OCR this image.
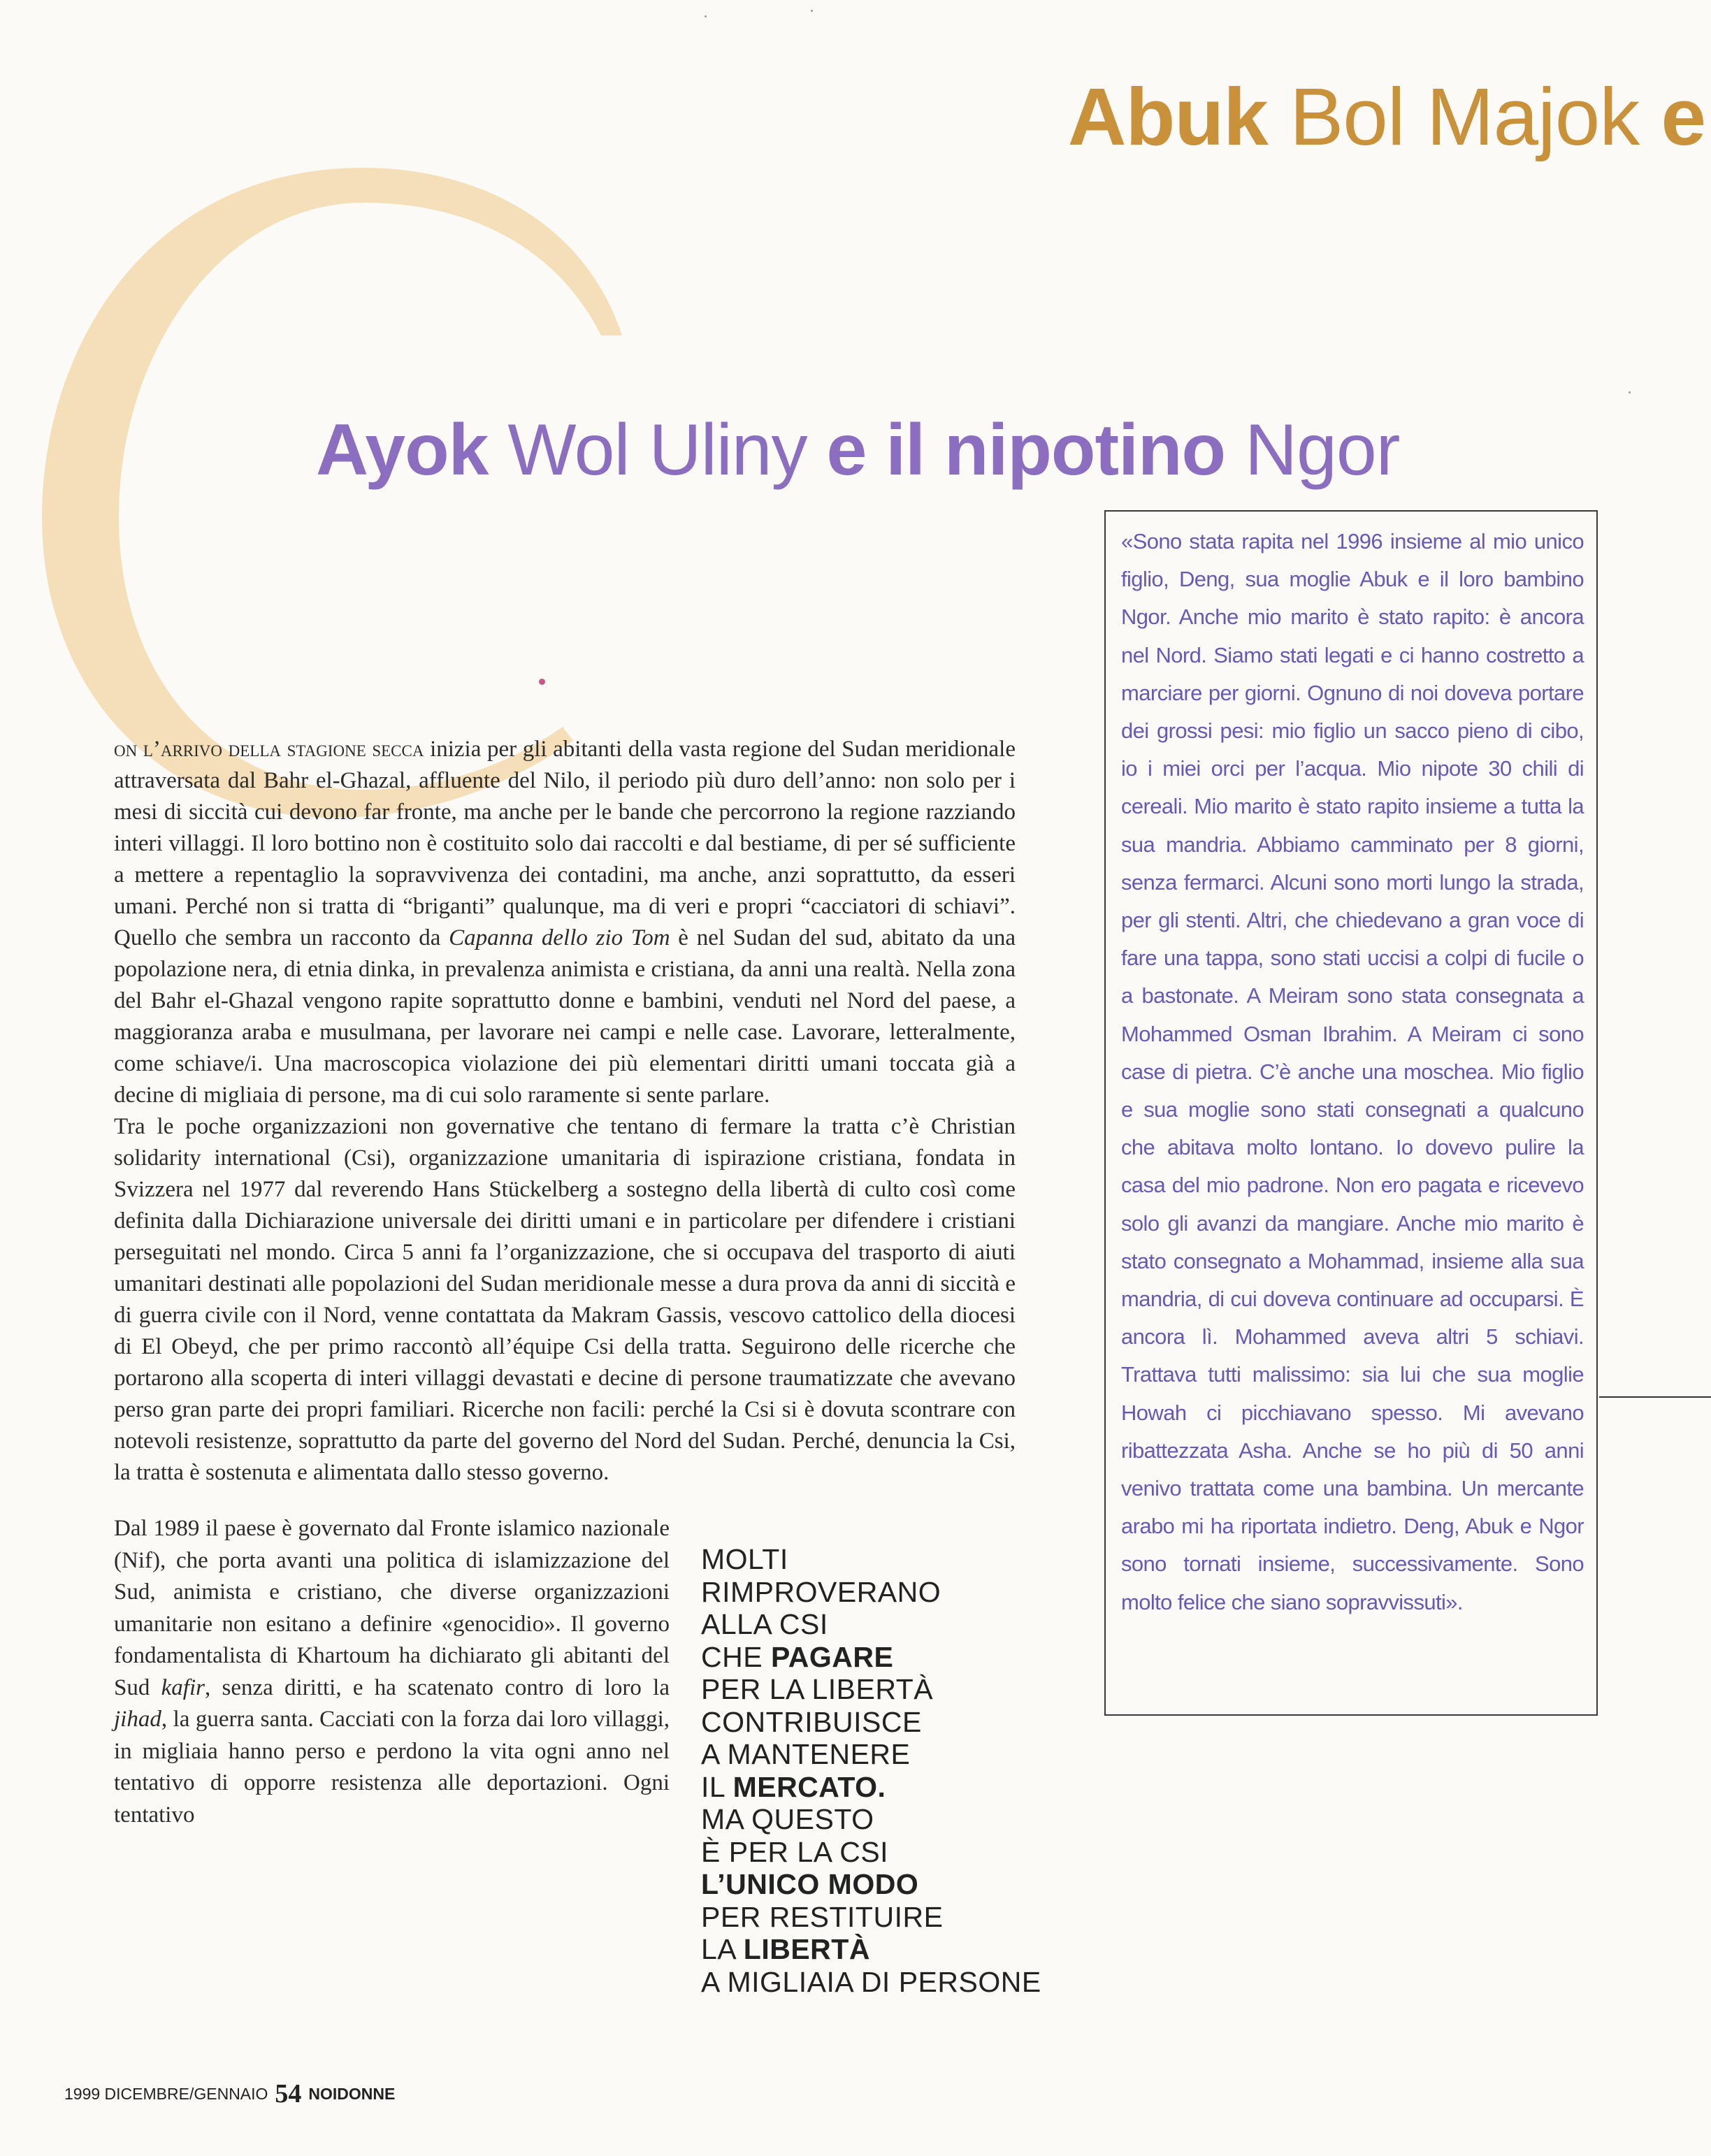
Abuk Bol Majok e
Ayok Wol Uliny e il nipotino Ngor

on l’arrivo della stagione secca inizia per gli abitanti della vasta regione del Sudan meridionale attraversata dal Bahr el-Ghazal, affluente del Nilo, il periodo più duro dell’anno: non solo per i mesi di siccità cui devono far fronte, ma anche per le bande che percorrono la regione razziando interi villaggi. Il loro bottino non è costituito solo dai raccolti e dal bestiame, di per sé sufficiente a mettere a repentaglio la sopravvivenza dei contadini, ma anche, anzi soprattutto, da esseri umani. Perché non si tratta di “briganti” qualunque, ma di veri e propri “cacciatori di schiavi”. Quello che sembra un racconto da Capanna dello zio Tom è nel Sudan del sud, abitato da una popolazione nera, di etnia dinka, in prevalenza animista e cristiana, da anni una realtà. Nella zona del Bahr el-Ghazal vengono rapite soprattutto donne e bambini, venduti nel Nord del paese, a maggioranza araba e musulmana, per lavorare nei campi e nelle case. Lavorare, letteralmente, come schiave/i. Una macroscopica violazione dei più elementari diritti umani toccata già a decine di migliaia di persone, ma di cui solo raramente si sente parlare.

Tra le poche organizzazioni non governative che tentano di fermare la tratta c’è Christian solidarity international (Csi), organizzazione umanitaria di ispirazione cristiana, fondata in Svizzera nel 1977 dal reverendo Hans Stückelberg a sostegno della libertà di culto così come definita dalla Dichiarazione universale dei diritti umani e in particolare per difendere i cristiani perseguitati nel mondo. Circa 5 anni fa l’organizzazione, che si occupava del trasporto di aiuti umanitari destinati alle popolazioni del Sudan meridionale messe a dura prova da anni di siccità e di guerra civile con il Nord, venne contattata da Makram Gassis, vescovo cattolico della diocesi di El Obeyd, che per primo raccontò all’équipe Csi della tratta. Seguirono delle ricerche che portarono alla scoperta di interi villaggi devastati e decine di persone traumatizzate che avevano perso gran parte dei propri familiari. Ricerche non facili: perché la Csi si è dovuta scontrare con notevoli resistenze, soprattutto da parte del governo del Nord del Sudan. Perché, denuncia la Csi, la tratta è sostenuta e alimentata dallo stesso governo.

Dal 1989 il paese è governato dal Fronte islamico nazionale (Nif), che porta avanti una politica di islamizzazione del Sud, animista e cristiano, che diverse organizzazioni umanitarie non esitano a definire «genocidio». Il governo fondamentalista di Khartoum ha dichiarato gli abitanti del Sud kafir, senza diritti, e ha scatenato contro di loro la jihad, la guerra santa. Cacciati con la forza dai loro villaggi, in migliaia hanno perso e perdono la vita ogni anno nel tentativo di opporre resistenza alle deportazioni. Ogni tentativo

MOLTI
RIMPROVERANO
ALLA CSI
CHE PAGARE
PER LA LIBERTÀ
CONTRIBUISCE
A MANTENERE
IL MERCATO.
MA QUESTO
È PER LA CSI
L’UNICO MODO
PER RESTITUIRE
LA LIBERTÀ
A MIGLIAIA DI PERSONE
«Sono stata rapita nel 1996 insieme al mio unico figlio, Deng, sua moglie Abuk e il loro bambino Ngor. Anche mio marito è stato rapito: è ancora nel Nord. Siamo stati legati e ci hanno costretto a marciare per giorni. Ognuno di noi doveva portare dei grossi pesi: mio figlio un sacco pieno di cibo, io i miei orci per l’acqua. Mio nipote 30 chili di cereali. Mio marito è stato rapito insieme a tutta la sua mandria. Abbiamo camminato per 8 giorni, senza fermarci. Alcuni sono morti lungo la strada, per gli stenti. Altri, che chiedevano a gran voce di fare una tappa, sono stati uccisi a colpi di fucile o a bastonate. A Meiram sono stata consegnata a Mohammed Osman Ibrahim. A Meiram ci sono case di pietra. C’è anche una moschea. Mio figlio e sua moglie sono stati consegnati a qualcuno che abitava molto lontano. Io dovevo pulire la casa del mio padrone. Non ero pagata e ricevevo solo gli avanzi da mangiare. Anche mio marito è stato consegnato a Mohammad, insieme alla sua mandria, di cui doveva continuare ad occuparsi. È ancora lì. Mohammed aveva altri 5 schiavi. Trattava tutti malissimo: sia lui che sua moglie Howah ci picchiavano spesso. Mi avevano ribattezzata Asha. Anche se ho più di 50 anni venivo trattata come una bambina. Un mercante arabo mi ha riportata indietro. Deng, Abuk e Ngor sono tornati insieme, successivamente. Sono molto felice che siano sopravvissuti».
1999 DICEMBRE/GENNAIO 54 NOIDONNE
